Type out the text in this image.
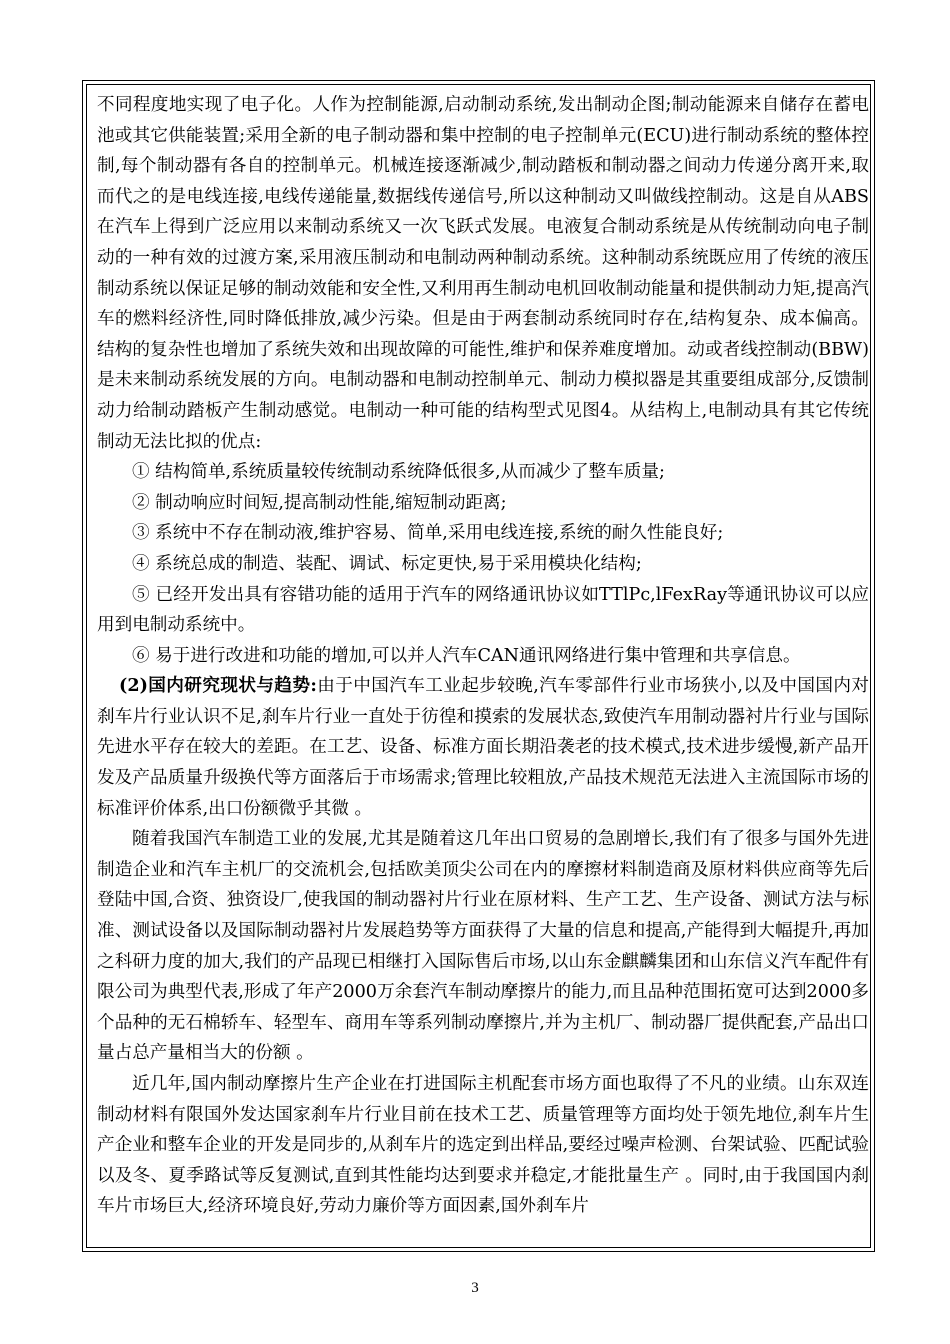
不同程度地实现了电子化。人作为控制能源,启动制动系统,发出制动企图;制动能源来自储存在蓄电池或其它供能装置;采用全新的电子制动器和集中控制的电子控制单元(ECU)进行制动系统的整体控制,每个制动器有各自的控制单元。机械连接逐渐减少,制动踏板和制动器之间动力传递分离开来,取而代之的是电线连接,电线传递能量,数据线传递信号,所以这种制动又叫做线控制动。这是自从ABS在汽车上得到广泛应用以来制动系统又一次飞跃式发展。电液复合制动系统是从传统制动向电子制动的一种有效的过渡方案,采用液压制动和电制动两种制动系统。这种制动系统既应用了传统的液压制动系统以保证足够的制动效能和安全性,又利用再生制动电机回收制动能量和提供制动力矩,提高汽车的燃料经济性,同时降低排放,减少污染。但是由于两套制动系统同时存在,结构复杂、成本偏高。结构的复杂性也增加了系统失效和出现故障的可能性,维护和保养难度增加。动或者线控制动(BBW)是未来制动系统发展的方向。电制动器和电制动控制单元、制动力模拟器是其重要组成部分,反馈制动力给制动踏板产生制动感觉。电制动一种可能的结构型式见图4。从结构上,电制动具有其它传统制动无法比拟的优点:

① 结构简单,系统质量较传统制动系统降低很多,从而减少了整车质量;

② 制动响应时间短,提高制动性能,缩短制动距离;

③ 系统中不存在制动液,维护容易、简单,采用电线连接,系统的耐久性能良好;

④ 系统总成的制造、装配、调试、标定更快,易于采用模块化结构;

⑤ 已经开发出具有容错功能的适用于汽车的网络通讯协议如TTlPc,lFexRay等通讯协议可以应用到电制动系统中。

⑥ 易于进行改进和功能的增加,可以并人汽车CAN通讯网络进行集中管理和共享信息。

(2)国内研究现状与趋势:由于中国汽车工业起步较晚,汽车零部件行业市场狭小,以及中国国内对刹车片行业认识不足,刹车片行业一直处于彷徨和摸索的发展状态,致使汽车用制动器衬片行业与国际先进水平存在较大的差距。在工艺、设备、标准方面长期沿袭老的技术模式,技术进步缓慢,新产品开发及产品质量升级换代等方面落后于市场需求;管理比较粗放,产品技术规范无法进入主流国际市场的标准评价体系,出口份额微乎其微 。

随着我国汽车制造工业的发展,尤其是随着这几年出口贸易的急剧增长,我们有了很多与国外先进制造企业和汽车主机厂的交流机会,包括欧美顶尖公司在内的摩擦材料制造商及原材料供应商等先后登陆中国,合资、独资设厂,使我国的制动器衬片行业在原材料、生产工艺、生产设备、测试方法与标准、测试设备以及国际制动器衬片发展趋势等方面获得了大量的信息和提高,产能得到大幅提升,再加之科研力度的加大,我们的产品现已相继打入国际售后市场,以山东金麒麟集团和山东信义汽车配件有限公司为典型代表,形成了年产2000万余套汽车制动摩擦片的能力,而且品种范围拓宽可达到2000多个品种的无石棉轿车、轻型车、商用车等系列制动摩擦片,并为主机厂、制动器厂提供配套,产品出口量占总产量相当大的份额 。

近几年,国内制动摩擦片生产企业在打进国际主机配套市场方面也取得了不凡的业绩。山东双连制动材料有限国外发达国家刹车片行业目前在技术工艺、质量管理等方面均处于领先地位,刹车片生产企业和整车企业的开发是同步的,从刹车片的选定到出样品,要经过噪声检测、台架试验、匹配试验以及冬、夏季路试等反复测试,直到其性能均达到要求并稳定,才能批量生产 。同时,由于我国国内刹车片市场巨大,经济环境良好,劳动力廉价等方面因素,国外刹车片

3
